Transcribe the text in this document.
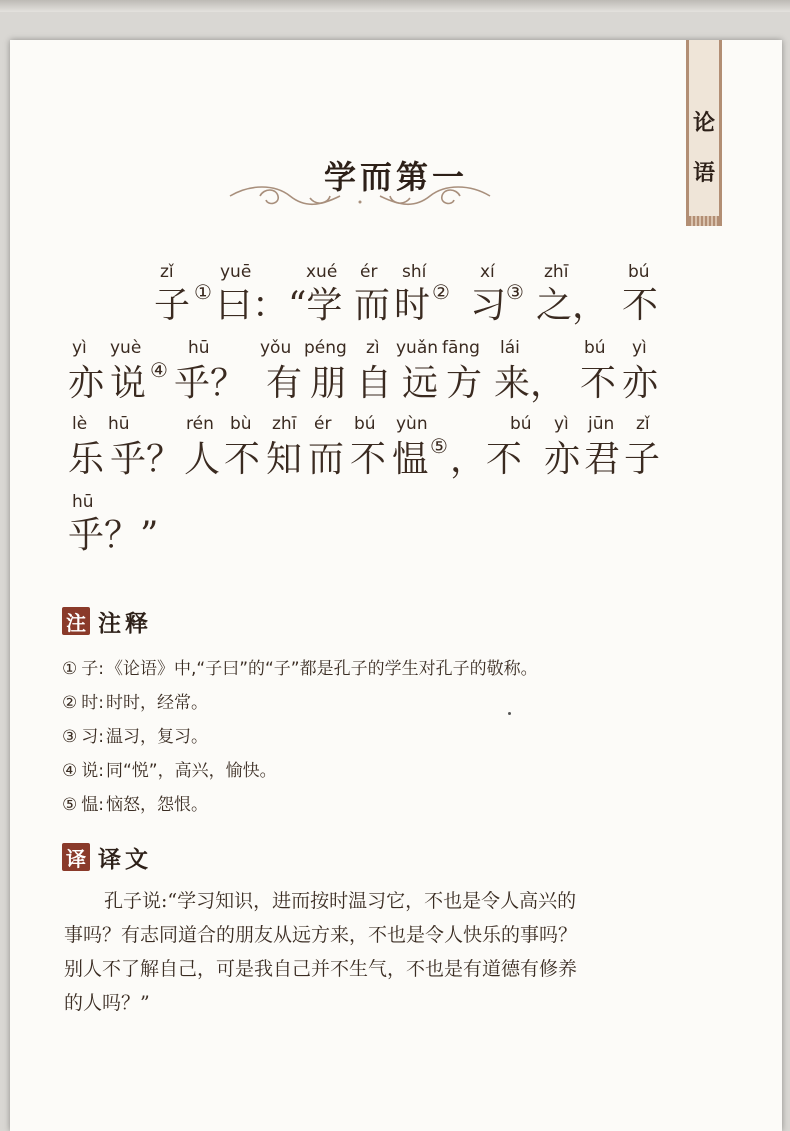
论
语
学而第一
zǐ	yuē	xué ér shí	xí	zhī	bú
子 ① 曰： “学 而 时 ② 习 ③ 之， 不
yì yuè	hū	yǒu péng zì yuǎn fāng lái	bú yì
亦 说 ④ 乎？ 有 朋 自 远 方 来， 不 亦
lè hū	rén bù zhī ér bú yùn	bú yì jūn zǐ
乐 乎？ 人 不 知 而 不 愠 ⑤ ，不 亦 君 子
hū
乎？”
注 注释
① 子: 《论语》中,“子曰”的“子”都是孔子的学生对孔子的敬称。
② 时: 时时，经常。
③ 习: 温习，复习。
④ 说: 同“悦”，高兴，愉快。
⑤ 愠: 恼怒，怨恨。
译 译文
孔子说:“学习知识，进而按时温习它，不也是令人高兴的
事吗？有志同道合的朋友从远方来，不也是令人快乐的事吗？
别人不了解自己，可是我自己并不生气，不也是有道德有修养
的人吗？”
